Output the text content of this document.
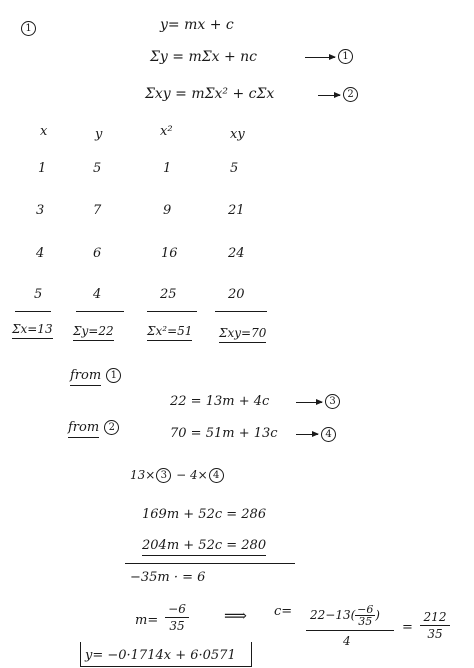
1	y= mx + c
Σy = mΣx + nc	1
Σxy = mΣx² + cΣx	2
x	y	x²	xy
1	5	1	5
3	7	9	21
4	6	16	24
5	4	25	20
Σx=13 Σy=22	Σx²=51 Σxy=70
from 1
22 = 13m + 4c	3
from 2	70 = 51m + 13c	4
13× 3 − 4× 4
169m + 52c = 286
204m + 52c = 280
−35m · = 6
m=
−6
35
⟹ $c= 22-13( \frac{-6}{35}$ )
4
=
212
35
y= −0·1714x + 6·0571
